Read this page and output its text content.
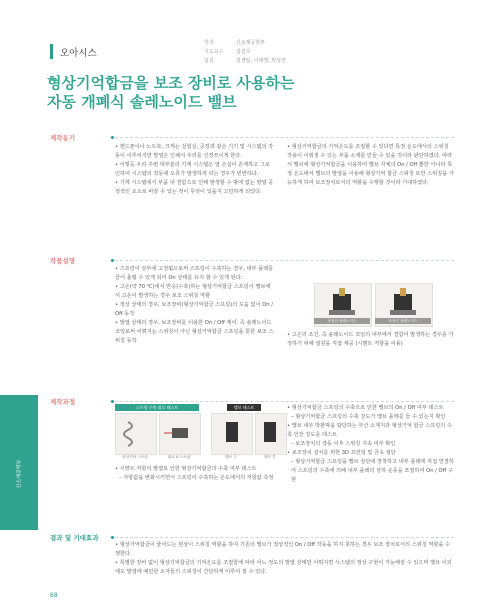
오아시스
학과	신소재공학부
지도교수	김진수
팀원	김경일, 이태정, 박성진
형상기억합금을 보조 장비로 사용하는
자동 개폐식 솔레노이드 밸브
제작동기

• 핸드폰이나 노트북, 크게는 실험실, 공장과 같은 기기 및 시스템의 작동이 이루어지면 발열은 인해서 우리를 신경쓰이게 한다.

• 이렇듯 우리 주변 대부분의 기계 시스템은 열 손실이 존재하고 그로 인하여 시스템의 작동에 오류가 발생하게 되는 경우가 빈번하다.

• 기계 시스템에서 부품 내 결함으로 인해 발생할 수 밖에 없는 발열 공정적인 요소로 바꿀 수 있는 것이 무엇이 있을지 고민하게 되었다.

• 형상기억합금의 기억온도를 조절할 수 있다면 특정 온도에서의 스위칭 작용이 이뤄질 수 있는 부품 소재를 만들 수 있을 것이라 판단하였다. 따라서 밸브에 형상기억합금을 이용하여 밸브 자체의 On / Off 뿐만 아니라 특정 온도에서 밸브의 발열을 이용해 형상기억 합금 스위칭 또한 스위칭을 가능하게 하여 보조장치로서의 역할을 수행할 것이라 기대하였다.

작품설명

• 스프링이 상부에 고정됨으로써 스프링이 수축하는 경우, 내부 플레를 끌어 올릴 수 있게 되어 On 상태를 유지 할 수 있게 된다.

• 고온(약 70 ℃)에서 반응(수축)하는 형상기억합금 스프링이 밸브에서 고온이 발생하는 경우 보조 스위칭 역할

• 정상 상태의 경우, 보조장비(형상기억합금 스프링)의 도움 없이 On / Off 동작

• 발열 상태의 경우, 보조장비를 이용한 On / Off 제어. 즉 솔레노이드 코일로써 이뤄지는 스위칭이 아닌 형상기억합금 스프링을 통한 보조 스위칭 동작

조정전 솔레노이드	조정후 솔레노이드

• 고온의 조건, 즉 솔레노이드 코일의 내부에서 결함이 발생하는 경우를 가정하기 위해 열원을 직접 제공 (시멘트 저항을 이용)

제작과정
스프링 수축 회로 테스트	밸브 테스트
형상기억 스프링	회로 & 스프링	밸브 구	밸브 부

• 시멘트 저항의 발열로 인한 형상기억합금의 수축 여부 테스트

– 자항값을 변화시키면서 스프링이 수축하는 온도에서의 저항값 측정

• 형상기억합금 스프링의 수축으로 인한 밸브의 On / Off 여부 테스트

– 형상기억합금 스프링의 수축 강도가 밸브 플레를 들 수 있는지 확인

• 밸브 내부 박판막을 담당하는 부산 소재지과 형상기억 합금 스프링의 수축 인장 강도를 테스트

– 보조장치의 작동 이후 스위칭 지속 여부 확인

• 보조장치 설치를 위한 3D 프린팅 및 금속 절단

– 형상기억합금 스프링을 밸브 상단에 장착하고 내부 플레에 직접 연결하여 스프링의 수축에 의해 내부 플레의 상하 운동을 조절하여 On / Off 구현

결과 및 기대효과

• 형상기억합금이 줄어드는 현상이 스위칭 역할을 하여 기존의 밸브가 정상적인 On / Off 작동을 하지 못하는 경우 보조 장치로서의 스위칭 역할을 수행한다.

• 특별한 장비 없이 형상기억합금의 기억온도를 조절함에 따라 어느 정도의 발열 상태만 이뤄지면 시스템의 정상 구현이 가능해질 수 있으며 밸브 이외에도 발열에 예민한 소자들의 스위칭이 간단하게 이루어 질 수 있다.

신소재공학부
68
